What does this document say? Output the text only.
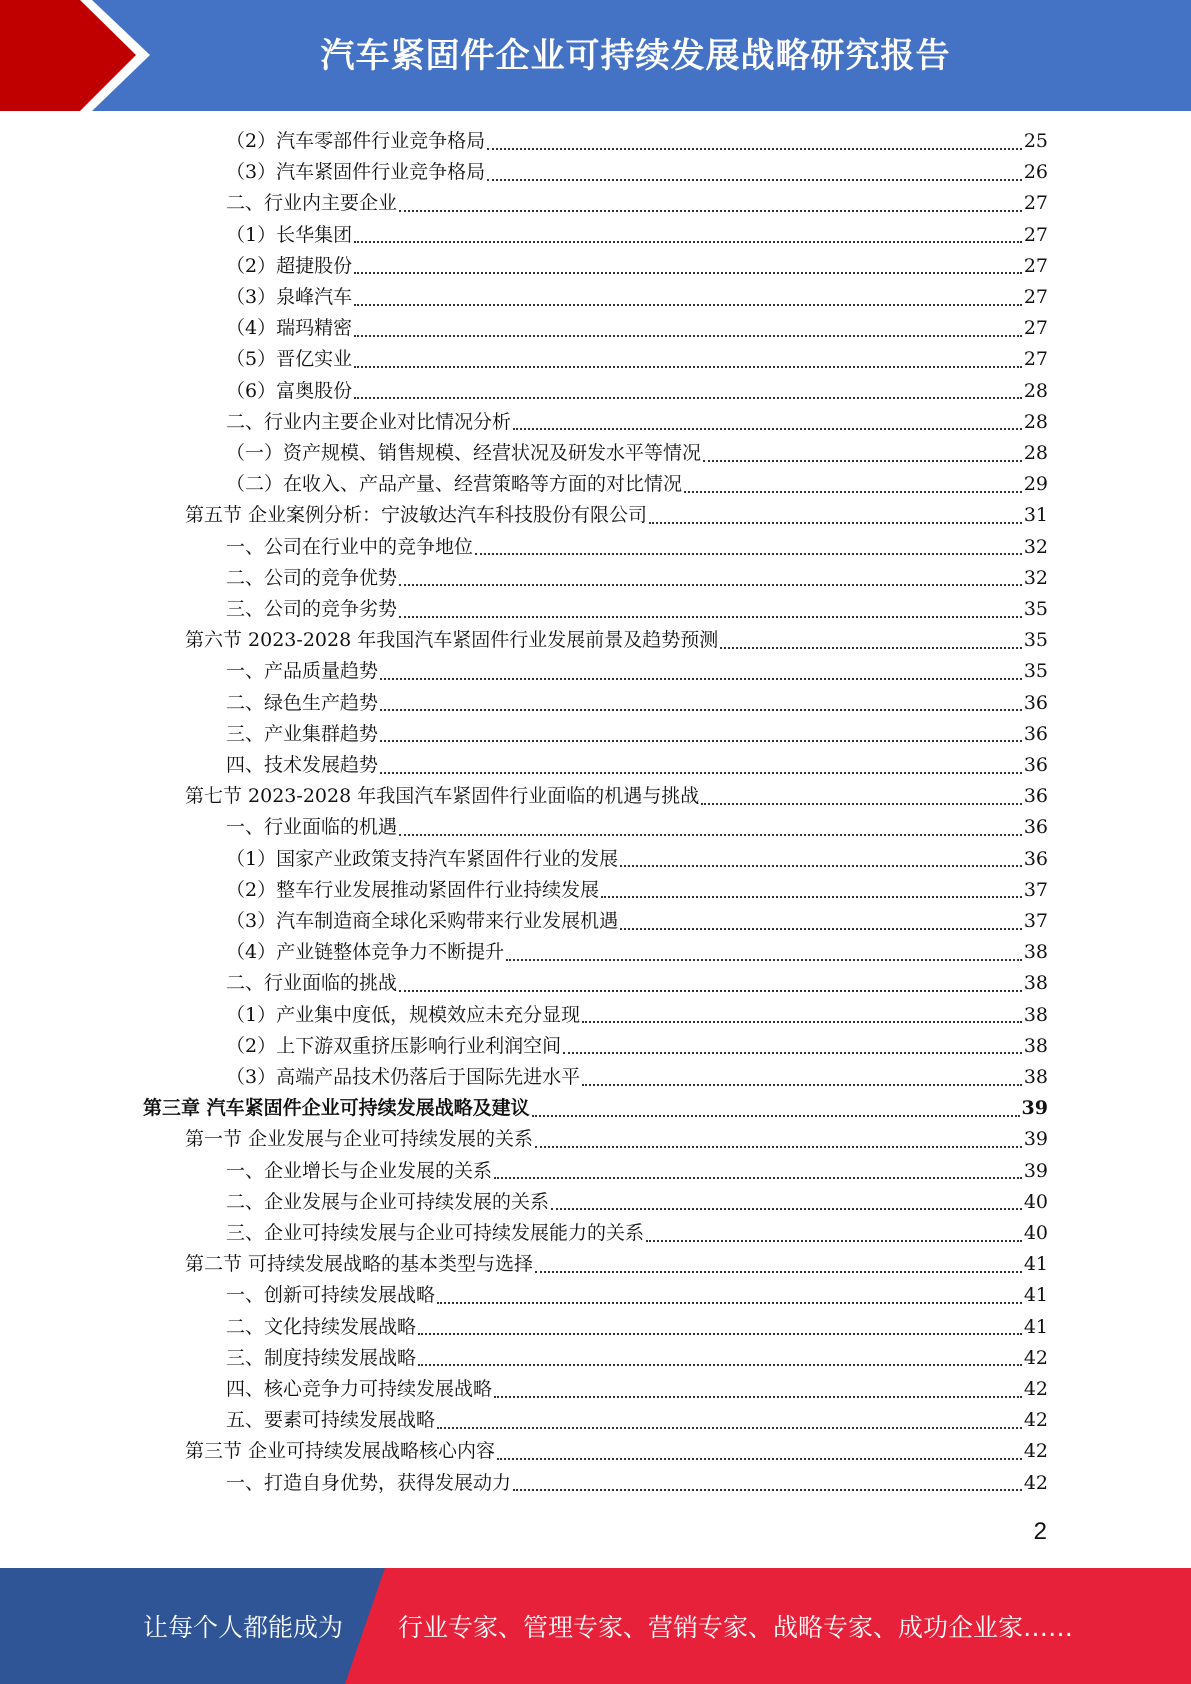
汽车紧固件企业可持续发展战略研究报告
（2）汽车零部件行业竞争格局	25
（3）汽车紧固件行业竞争格局	26
二、行业内主要企业	27
（1）长华集团	27
（2）超捷股份	27
（3）泉峰汽车	27
（4）瑞玛精密	27
（5）晋亿实业	27
（6）富奥股份	28
二、行业内主要企业对比情况分析	28
（一）资产规模、销售规模、经营状况及研发水平等情况	28
（二）在收入、产品产量、经营策略等方面的对比情况	29
第五节 企业案例分析：宁波敏达汽车科技股份有限公司	31
一、公司在行业中的竞争地位	32
二、公司的竞争优势	32
三、公司的竞争劣势	35
第六节 2023-2028 年我国汽车紧固件行业发展前景及趋势预测	35
一、产品质量趋势	35
二、绿色生产趋势	36
三、产业集群趋势	36
四、技术发展趋势	36
第七节 2023-2028 年我国汽车紧固件行业面临的机遇与挑战	36
一、行业面临的机遇	36
（1）国家产业政策支持汽车紧固件行业的发展	36
（2）整车行业发展推动紧固件行业持续发展	37
（3）汽车制造商全球化采购带来行业发展机遇	37
（4）产业链整体竞争力不断提升	38
二、行业面临的挑战	38
（1）产业集中度低，规模效应未充分显现	38
（2）上下游双重挤压影响行业利润空间	38
（3）高端产品技术仍落后于国际先进水平	38
第三章 汽车紧固件企业可持续发展战略及建议	39
第一节 企业发展与企业可持续发展的关系	39
一、企业增长与企业发展的关系	39
二、企业发展与企业可持续发展的关系	40
三、企业可持续发展与企业可持续发展能力的关系	40
第二节 可持续发展战略的基本类型与选择	41
一、创新可持续发展战略	41
二、文化持续发展战略	41
三、制度持续发展战略	42
四、核心竞争力可持续发展战略	42
五、要素可持续发展战略	42
第三节 企业可持续发展战略核心内容	42
一、打造自身优势，获得发展动力	42
2
让每个人都能成为 行业专家、管理专家、营销专家、战略专家、成功企业家……
